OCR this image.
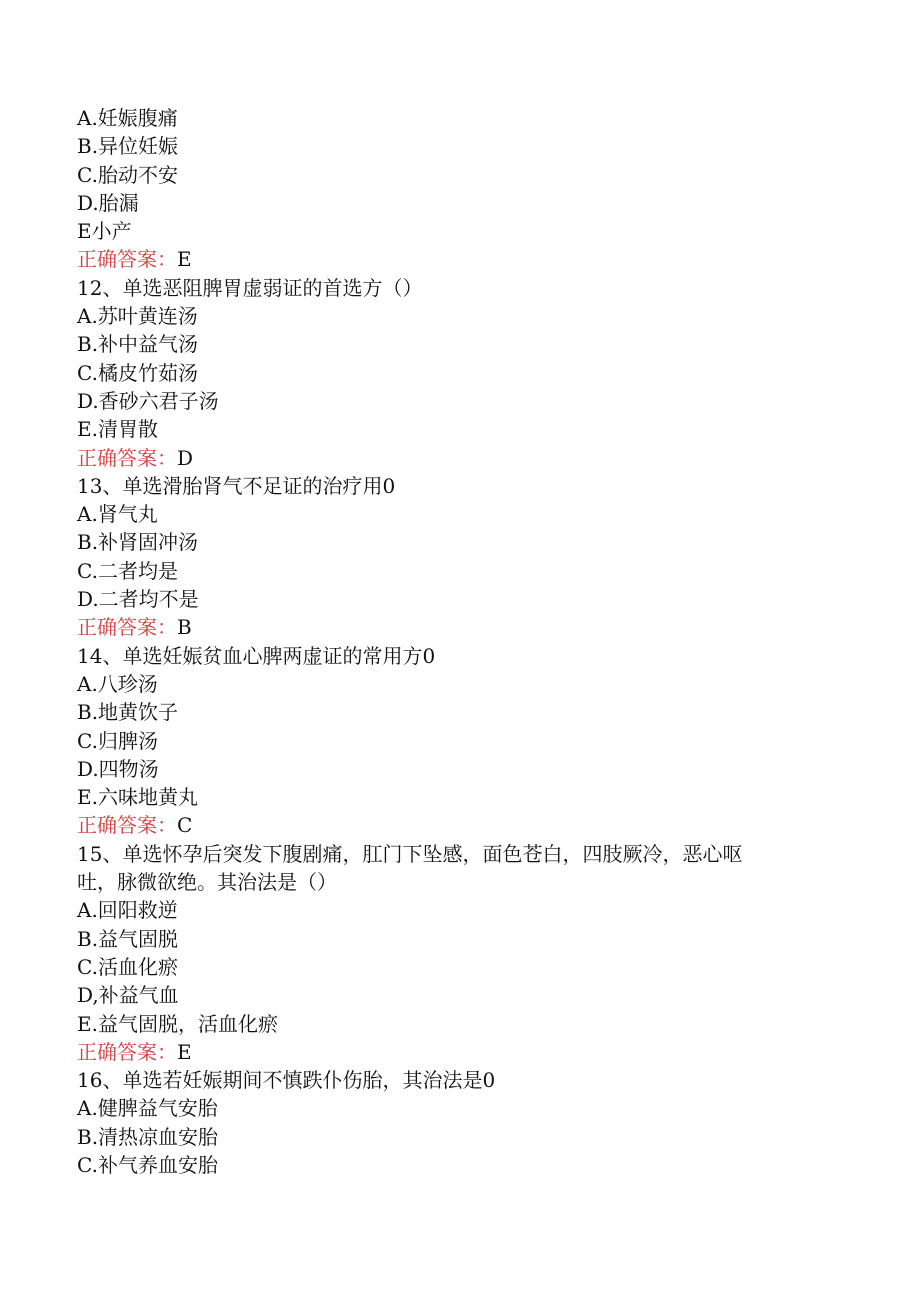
A.妊娠腹痛
B.异位妊娠
C.胎动不安
D.胎漏
E小产
正确答案：E
12、单选恶阻脾胃虚弱证的首选方（）
A.苏叶黄连汤
B.补中益气汤
C.橘皮竹茹汤
D.香砂六君子汤
E.清胃散
正确答案：D
13、单选滑胎肾气不足证的治疗用0
A.肾气丸
B.补肾固冲汤
C.二者均是
D.二者均不是
正确答案：B
14、单选妊娠贫血心脾两虚证的常用方0
A.八珍汤
B.地黄饮子
C.归脾汤
D.四物汤
E.六味地黄丸
正确答案：C
15、单选怀孕后突发下腹剧痛，肛门下坠感，面色苍白，四肢厥冷，恶心呕
吐，脉微欲绝。其治法是（）
A.回阳救逆
B.益气固脱
C.活血化瘀
D,补益气血
E.益气固脱，活血化瘀
正确答案：E
16、单选若妊娠期间不慎跌仆伤胎，其治法是0
A.健脾益气安胎
B.清热凉血安胎
C.补气养血安胎
